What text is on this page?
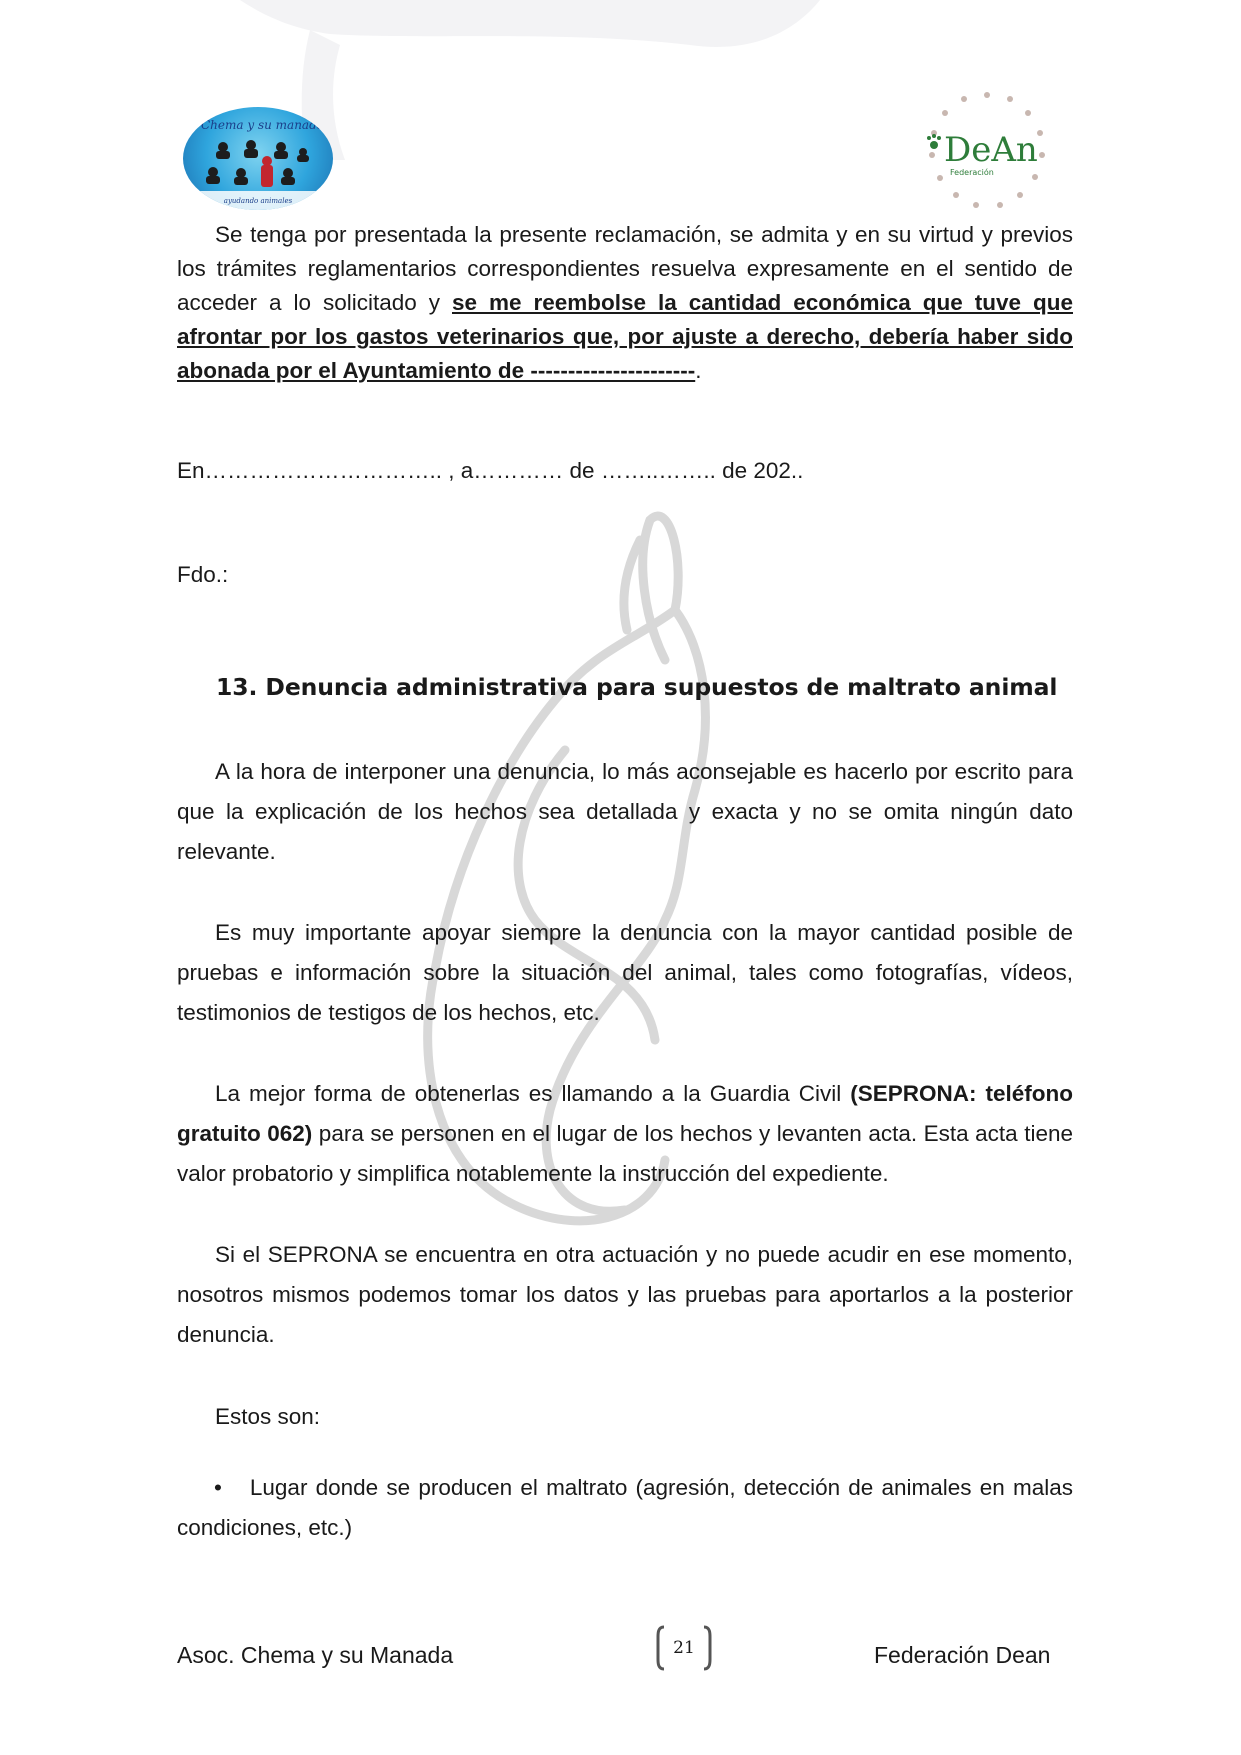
Chema y su manada
ayudando animales
DeAn
Federación

Se tenga por presentada la presente reclamación, se admita y en su virtud y previos los trámites reglamentarios correspondientes resuelva expresamente en el sentido de acceder a lo solicitado y se me reembolse la cantidad económica que tuve que afrontar por los gastos veterinarios que, por ajuste a derecho, debería haber sido abonada por el Ayuntamiento de ----------------------.

En………………………….. , a………… de ……..…….. de 202..
Fdo.:
13. Denuncia administrativa para supuestos de maltrato animal

A la hora de interponer una denuncia, lo más aconsejable es hacerlo por escrito para que la explicación de los hechos sea detallada y exacta y no se omita ningún dato relevante.

Es muy importante apoyar siempre la denuncia con la mayor cantidad posible de pruebas e información sobre la situación del animal, tales como fotografías, vídeos, testimonios de testigos de los hechos, etc.

La mejor forma de obtenerlas es llamando a la Guardia Civil (SEPRONA: teléfono gratuito 062) para se personen en el lugar de los hechos y levanten acta. Esta acta tiene valor probatorio y simplifica notablemente la instrucción del expediente.

Si el SEPRONA se encuentra en otra actuación y no puede acudir en ese momento, nosotros mismos podemos tomar los datos y las pruebas para aportarlos a la posterior denuncia.

Estos son:

• Lugar donde se producen el maltrato (agresión, detección de animales en malas condiciones, etc.)

Asoc. Chema y su Manada	21	Federación Dean
